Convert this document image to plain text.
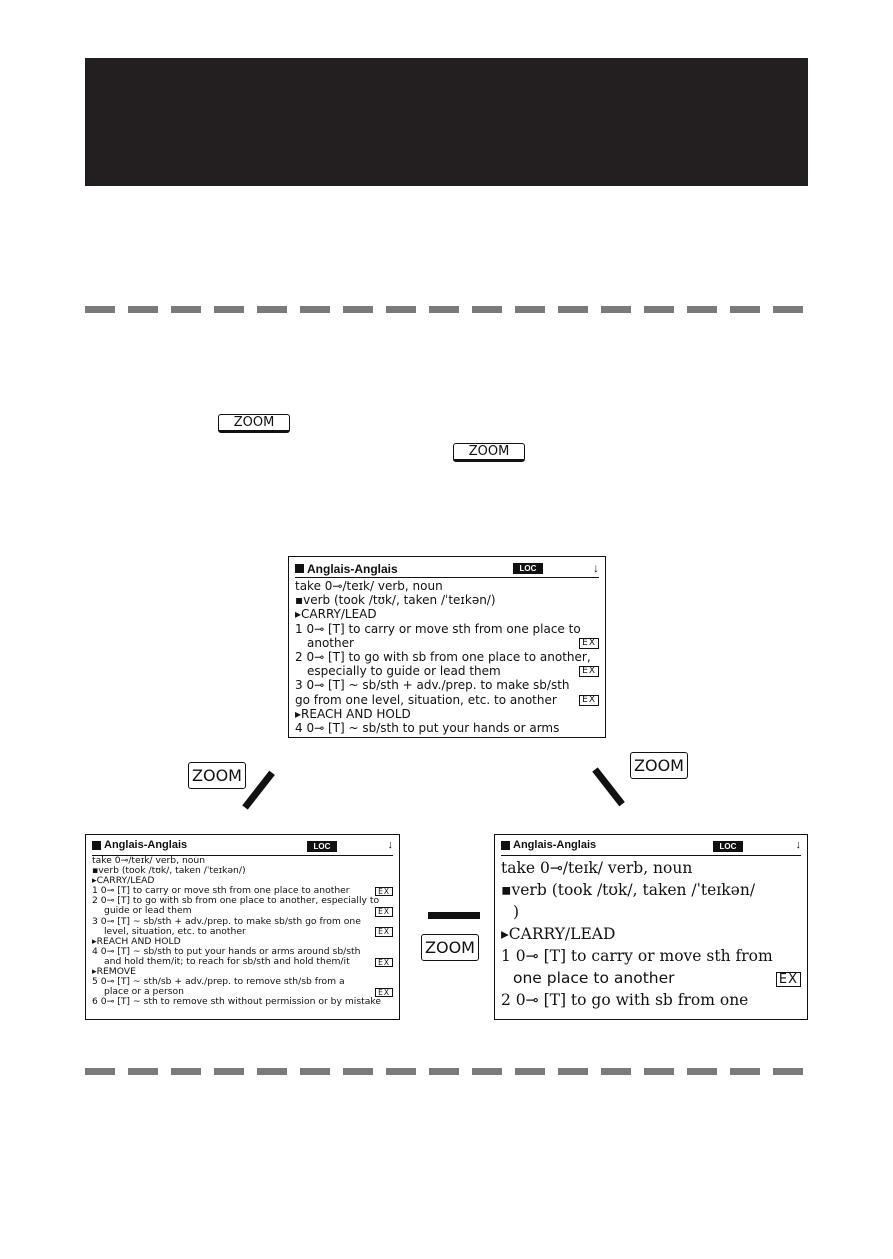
ZOOM
ZOOM
Anglais-Anglais	LOC	↓
take 0⊸/teɪk/ verb, noun
▪verb (took /tʊk/, taken /ˈteɪkən/)
▸CARRY/LEAD
1 0⊸ [T] to carry or move sth from one place to
another	EX
2 0⊸ [T] to go with sb from one place to another,
especially to guide or lead them	EX
3 0⊸ [T] ~ sb/sth + adv./prep. to make sb/sth
go from one level, situation, etc. to another	EX
▸REACH AND HOLD
4 0⊸ [T] ~ sb/sth to put your hands or arms
ZOOM
ZOOM
ZOOM
Anglais-Anglais	LOC	↓
take 0⊸/teɪk/ verb, noun
▪verb (took /tʊk/, taken /ˈteɪkən/)
▸CARRY/LEAD
1 0⊸ [T] to carry or move sth from one place to another	EX
2 0⊸ [T] to go with sb from one place to another, especially to
guide or lead them	EX
3 0⊸ [T] ~ sb/sth + adv./prep. to make sb/sth go from one
level, situation, etc. to another	EX
▸REACH AND HOLD
4 0⊸ [T] ~ sb/sth to put your hands or arms around sb/sth
and hold them/it; to reach for sb/sth and hold them/it	EX
▸REMOVE
5 0⊸ [T] ~ sth/sb + adv./prep. to remove sth/sb from a
place or a person	EX
6 0⊸ [T] ~ sth to remove sth without permission or by mistake
Anglais-Anglais	LOC	↓
take 0⊸/teɪk/ verb, noun
▪verb (took /tʊk/, taken /ˈteɪkən/
)
▸CARRY/LEAD
1 0⊸ [T] to carry or move sth from
one place to another	EX
2 0⊸ [T] to go with sb from one
